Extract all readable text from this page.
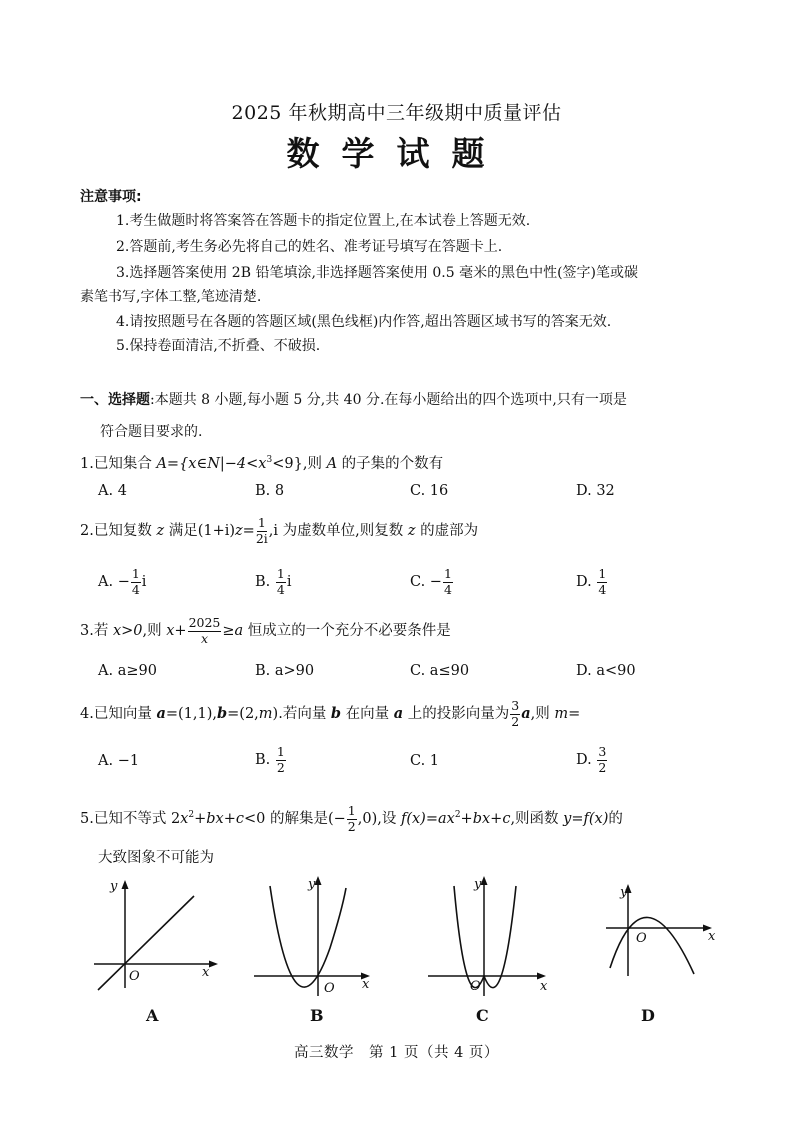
2025 年秋期高中三年级期中质量评估
数学试题
注意事项:
1.考生做题时将答案答在答题卡的指定位置上,在本试卷上答题无效.
2.答题前,考生务必先将自己的姓名、准考证号填写在答题卡上.
3.选择题答案使用 2B 铅笔填涂,非选择题答案使用 0.5 毫米的黑色中性(签字)笔或碳
素笔书写,字体工整,笔迹清楚.
4.请按照题号在各题的答题区域(黑色线框)内作答,超出答题区域书写的答案无效.
5.保持卷面清洁,不折叠、不破损.
一、选择题:本题共 8 小题,每小题 5 分,共 40 分.在每小题给出的四个选项中,只有一项是
符合题目要求的.
1.已知集合 $A=\{x\in N|-4<x^3<9\}$,则 A 的子集的个数有
A. 4	B. 8	C. 16	D. 32
2.已知复数 z 满足$(1+i)z= \frac{1}{2i} ,i$ 为虚数单位,则复数 z 的虚部为
A. − $\frac{1}{4}$ i	B. $\frac{1}{4}$ i	C. − $\frac{1}{4}$	D. $\frac{1}{4}$
3.若 x>0,则 $x+ \frac{2025}{x} \ge a$ 恒成立的一个充分不必要条件是
A. a≥90	B. a>90	C. a≤90	D. a<90
4.已知向量 a=(1,1),b=(2,m).若向量 b 在向量 a 上的投影向量为 $\frac{3}{2} a$,则 m=
A. −1	B. $\frac{1}{2}$	C. 1	D. $\frac{3}{2}$
5.已知不等式 $2x^2+bx+c<0$ 的解集是(− $\frac{1}{2} ,0$),设 $f(x)=ax^2+bx+c$,则函数 y=f(x)的
大致图象不可能为
y
x
O
A
y
x
O
B
y
x
O
C
y
x
O
D
高三数学　第 1 页（共 4 页）
